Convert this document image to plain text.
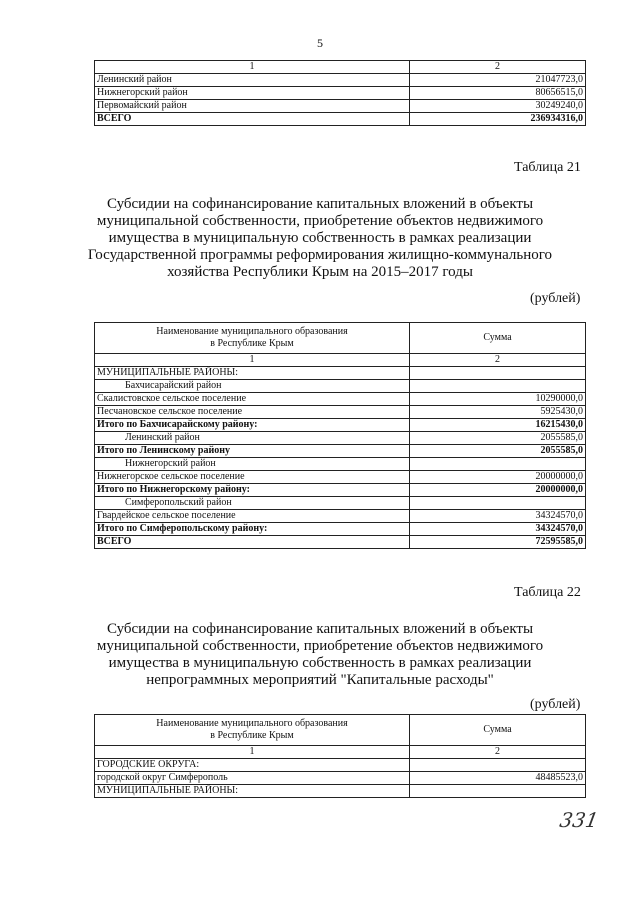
5
1	2
Ленинский район	21047723,0
Нижнегорский район	80656515,0
Первомайский район	30249240,0
ВСЕГО	236934316,0
Таблица 21
Субсидии на софинансирование капитальных вложений в объекты
муниципальной собственности, приобретение объектов недвижимого
имущества в муниципальную собственность в рамках реализации
Государственной программы реформирования жилищно-коммунального
хозяйства Республики Крым на 2015–2017 годы
(рублей)
Наименование муниципального образования
в Республике Крым	Сумма
1	2
МУНИЦИПАЛЬНЫЕ РАЙОНЫ:	
Бахчисарайский район	
Скалистовское сельское поселение	10290000,0
Песчановское сельское поселение	5925430,0
Итого по Бахчисарайскому району:	16215430,0
Ленинский район	2055585,0
Итого по Ленинскому району	2055585,0
Нижнегорский район	
Нижнегорское сельское поселение	20000000,0
Итого по Нижнегорскому району:	20000000,0
Симферопольский район	
Гвардейское сельское поселение	34324570,0
Итого по Симферопольскому району:	34324570,0
ВСЕГО	72595585,0
Таблица 22
Субсидии на софинансирование капитальных вложений в объекты
муниципальной собственности, приобретение объектов недвижимого
имущества в муниципальную собственность в рамках реализации
непрограммных мероприятий "Капитальные расходы"
(рублей)
Наименование муниципального образования
в Республике Крым	Сумма
1	2
ГОРОДСКИЕ ОКРУГА:	
городской округ Симферополь	48485523,0
МУНИЦИПАЛЬНЫЕ РАЙОНЫ:	
331
